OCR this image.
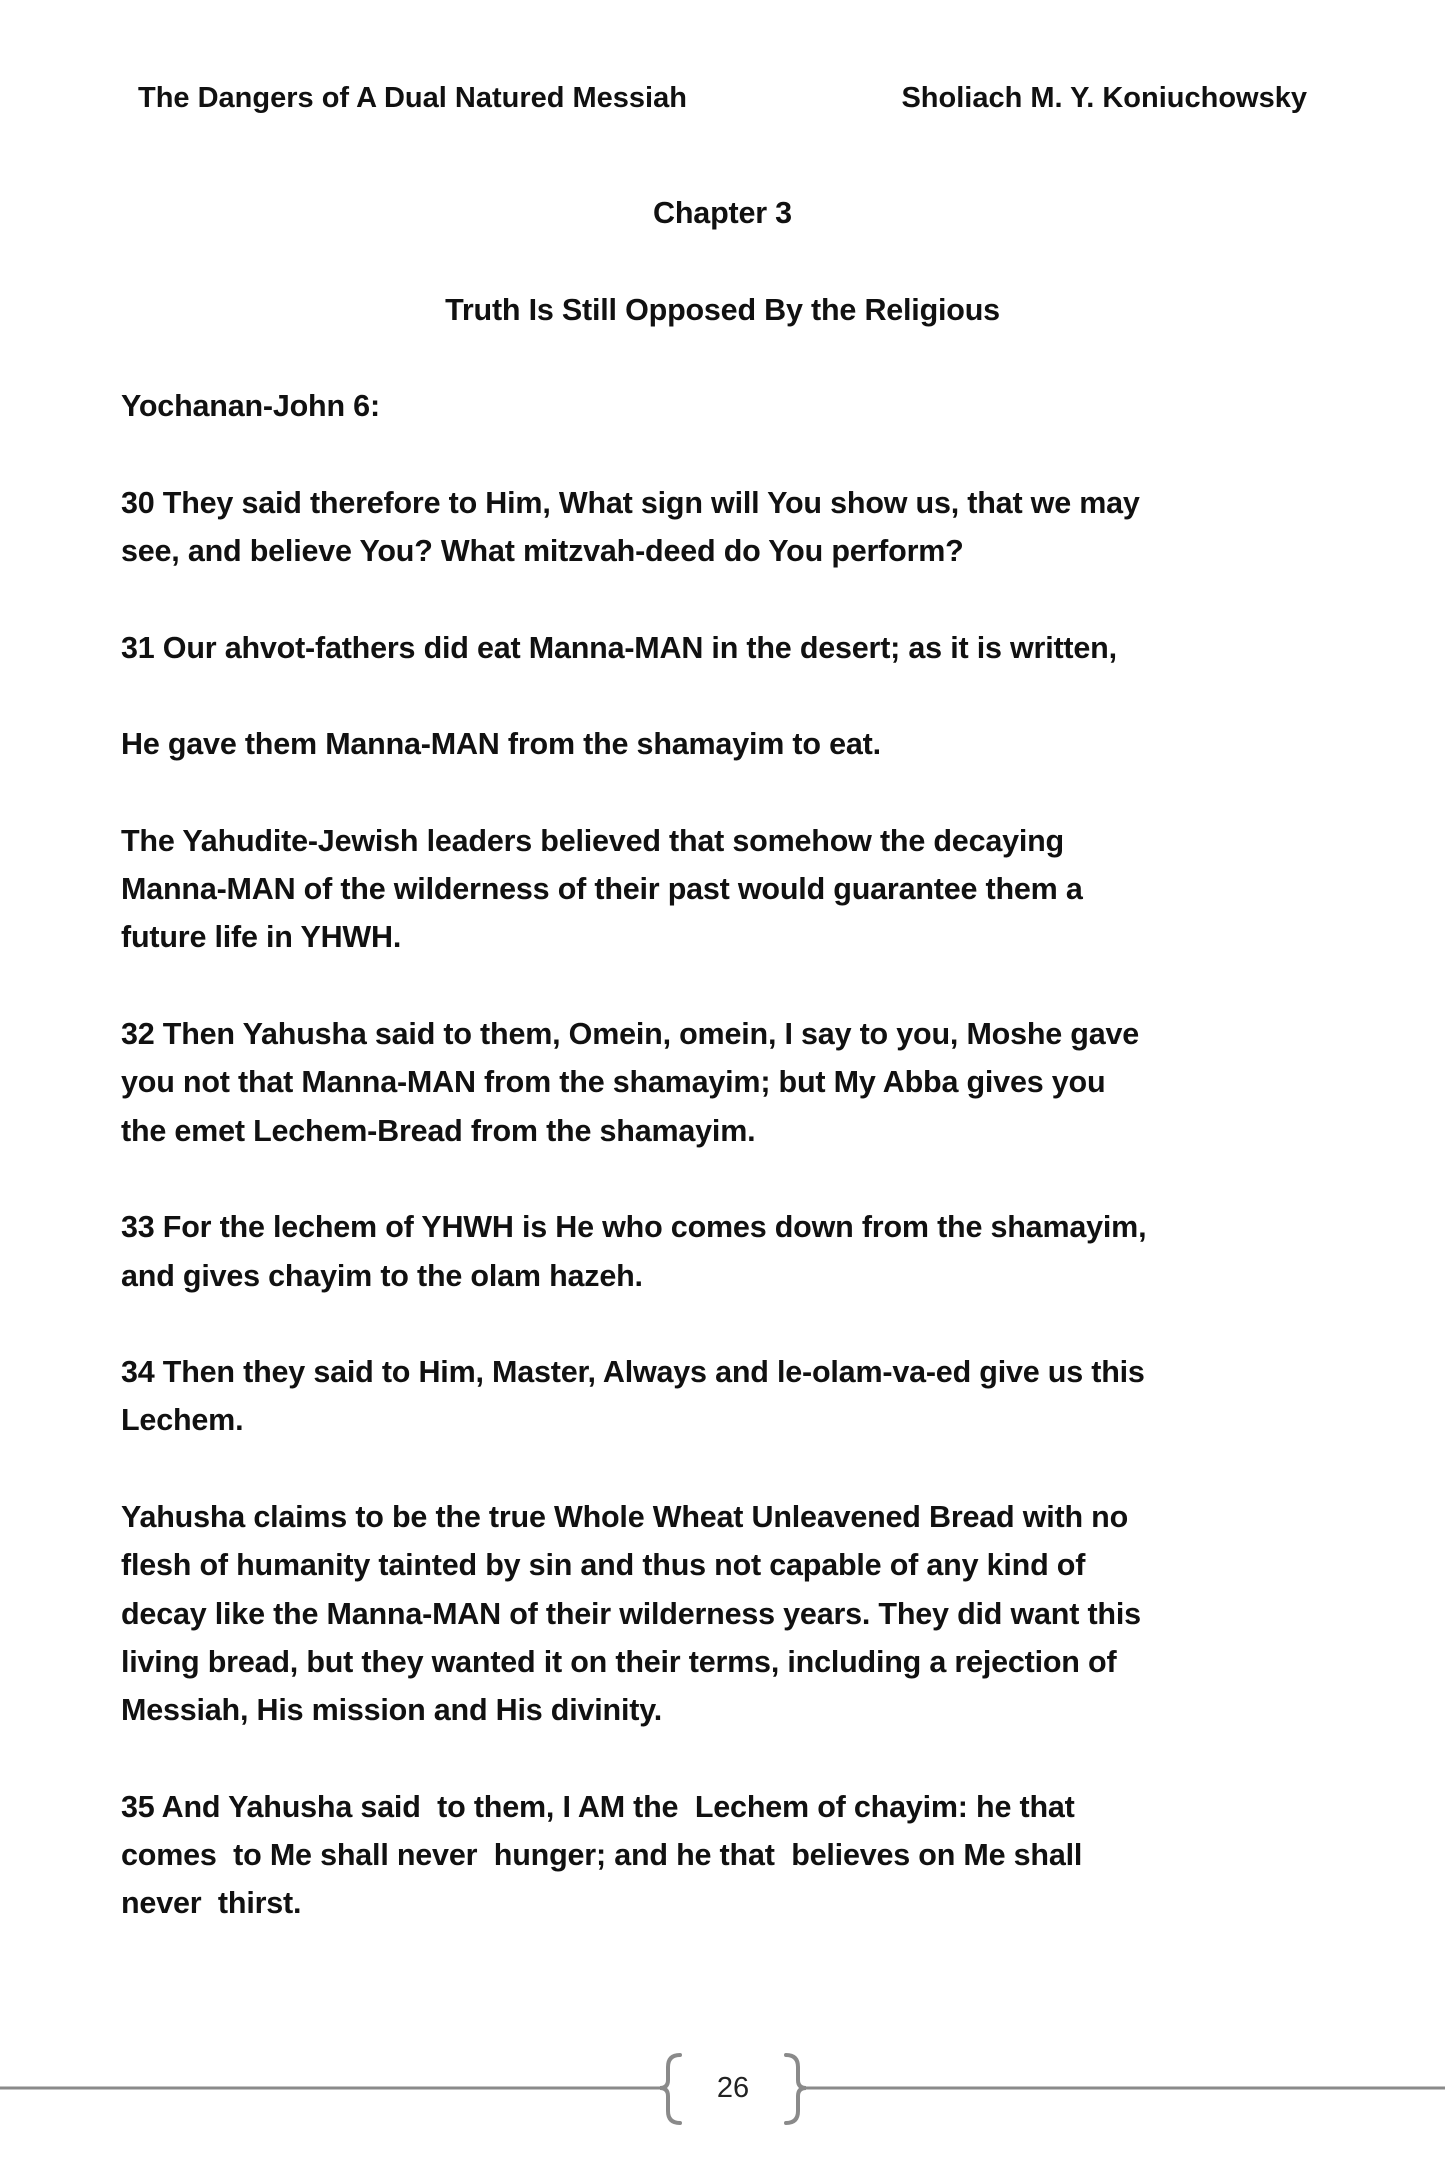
The Dangers of A Dual Natured Messiah	Sholiach M. Y. Koniuchowsky
Chapter 3
Truth Is Still Opposed By the Religious
Yochanan-John 6:
30 They said therefore to Him, What sign will You show us, that we may
see, and believe You? What mitzvah-deed do You perform?
31 Our ahvot-fathers did eat Manna-MAN in the desert; as it is written,
He gave them Manna-MAN from the shamayim to eat.
The Yahudite-Jewish leaders believed that somehow the decaying
Manna-MAN of the wilderness of their past would guarantee them a
future life in YHWH.
32 Then Yahusha said to them, Omein, omein, I say to you, Moshe gave
you not that Manna-MAN from the shamayim; but My Abba gives you
the emet Lechem-Bread from the shamayim.
33 For the lechem of YHWH is He who comes down from the shamayim,
and gives chayim to the olam hazeh.
34 Then they said to Him, Master, Always and le-olam-va-ed give us this
Lechem.
Yahusha claims to be the true Whole Wheat Unleavened Bread with no
flesh of humanity tainted by sin and thus not capable of any kind of
decay like the Manna-MAN of their wilderness years. They did want this
living bread, but they wanted it on their terms, including a rejection of
Messiah, His mission and His divinity.
35 And Yahusha said  to them, I AM the  Lechem of chayim: he that
comes  to Me shall never  hunger; and he that  believes on Me shall
never  thirst.
26
